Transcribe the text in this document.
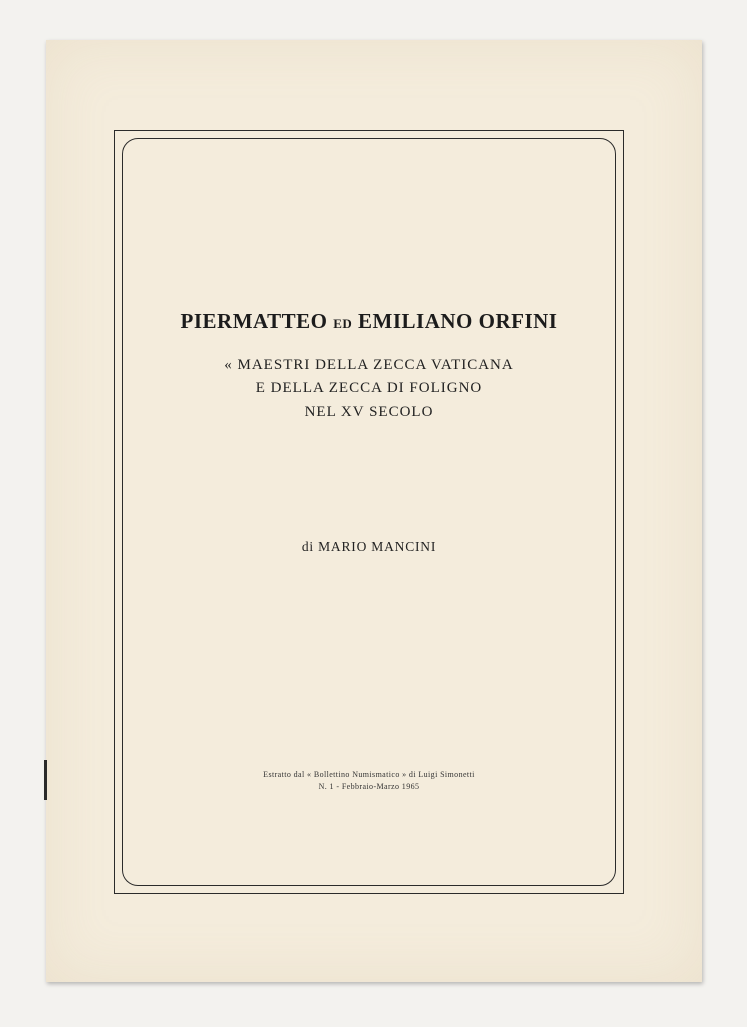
PIERMATTEO ED EMILIANO ORFINI
« MAESTRI DELLA ZECCA VATICANA
E DELLA ZECCA DI FOLIGNO
NEL XV SECOLO
di MARIO MANCINI
Estratto dal « Bollettino Numismatico » di Luigi Simonetti
N. 1 - Febbraio-Marzo 1965
